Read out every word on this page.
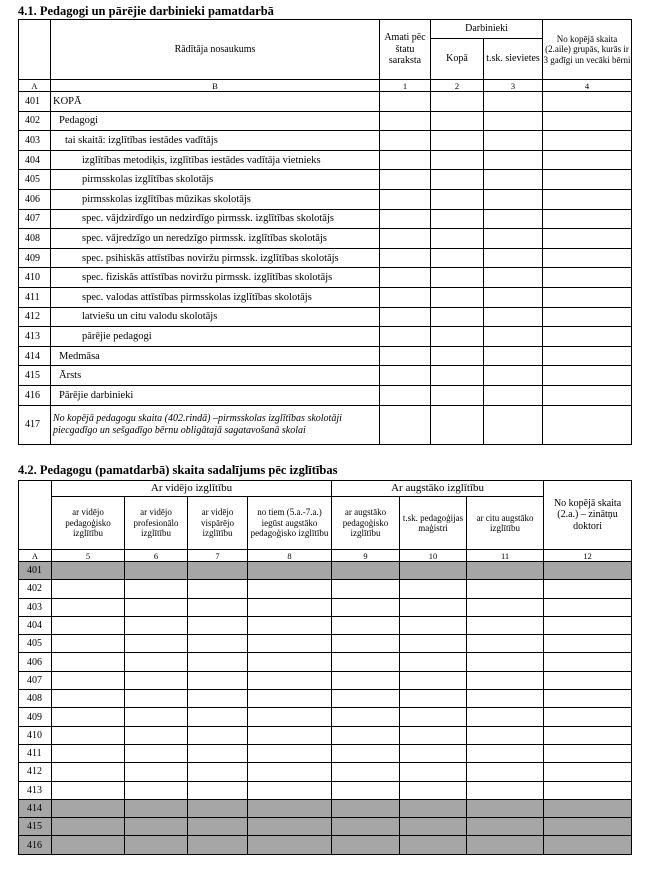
4.1. Pedagogi un pārējie darbinieki pamatdarbā
	Rādītāja nosaukums	Amati pēc štatu saraksta	Darbinieki		No kopējā skaita (2.aile) grupās, kurās ir 3 gadīgi un vecāki bērni
			Kopā	t.sk. sievietes	
A	B	1	2	3	4
401	KOPĀ				
402	Pedagogi				
403	tai skaitā: izglītības iestādes vadītājs				
404	izglītības metodiķis, izglītības iestādes vadītāja vietnieks				
405	pirmsskolas izglītības skolotājs				
406	pirmsskolas izglītības mūzikas skolotājs				
407	spec. vājdzirdīgo un nedzirdīgo pirmssk. izglītības skolotājs				
408	spec. vājredzīgo un neredzīgo pirmssk. izglītības skolotājs				
409	spec. psihiskās attīstības noviržu pirmssk. izglītības skolotājs				
410	spec. fiziskās attīstības noviržu pirmssk. izglītības skolotājs				
411	spec. valodas attīstības pirmsskolas izglītības skolotājs				
412	latviešu un citu valodu skolotājs				
413	pārējie pedagogi				
414	Medmāsa				
415	Ārsts				
416	Pārējie darbinieki				
417	No kopējā pedagogu skaita (402.rindā) –pirmsskolas izglītības skolotāji piecgadīgo un sešgadīgo bērnu obligātajā sagatavošanā skolai				
4.2. Pedagogu (pamatdarbā) skaita sadalījums pēc izglītības
	Ar vidējo izglītību				Ar augstāko izglītību			No kopējā skaita (2.a.) – zinātņu doktori
	ar vidējo pedagoģisko izglītību	ar vidējo profesionālo izglītību	ar vidējo vispārējo izglītību	no tiem (5.a.-7.a.) iegūst augstāko pedagoģisko izglītību	ar augstāko pedagoģisko izglītību	t.sk. pedagoģijas maģistri	ar citu augstāko izglītību	
A	5	6	7	8	9	10	11	12
401								
402								
403								
404								
405								
406								
407								
408								
409								
410								
411								
412								
413								
414								
415								
416								
